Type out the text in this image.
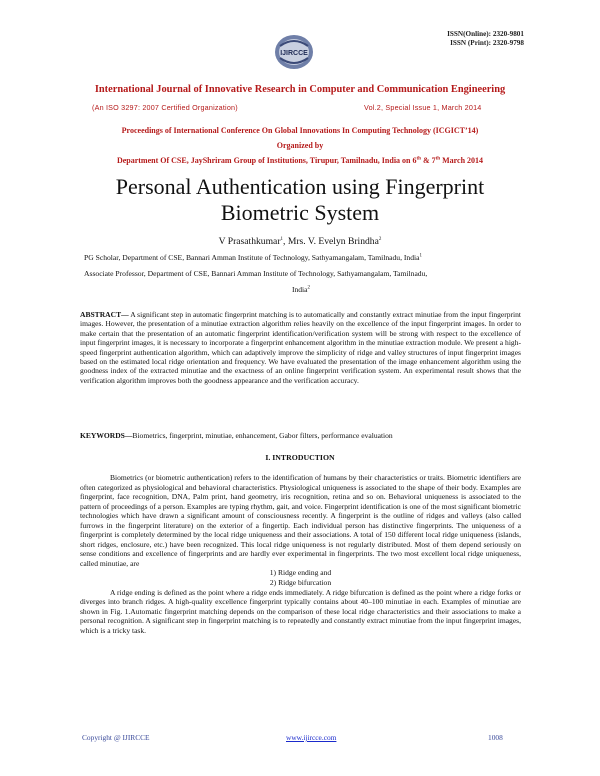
ISSN(Online): 2320-9801
ISSN (Print): 2320-9798
IJIRCCE
International Journal of Innovative Research in Computer and Communication Engineering
(An ISO 3297: 2007 Certified Organization)	Vol.2, Special Issue 1, March 2014
Proceedings of International Conference On Global Innovations In Computing Technology (ICGICT’14)
Organized by
Department Of CSE, JayShriram Group of Institutions, Tirupur, Tamilnadu, India on 6th & 7th March 2014
Personal Authentication using Fingerprint
Biometric System
V Prasathkumar$^1$, Mrs. V. Evelyn Brindha$^2$
PG Scholar, Department of CSE, Bannari Amman Institute of Technology, Sathyamangalam, Tamilnadu, India$^1$
Associate Professor, Department of CSE, Bannari Amman Institute of Technology, Sathyamangalam, Tamilnadu,
India$^2$
ABSTRACT— A significant step in automatic fingerprint matching is to automatically and constantly extract minutiae from the input fingerprint images. However, the presentation of a minutiae extraction algorithm relies heavily on the excellence of the input fingerprint images. In order to make certain that the presentation of an automatic fingerprint identification/verification system will be strong with respect to the excellence of input fingerprint images, it is necessary to incorporate a fingerprint enhancement algorithm in the minutiae extraction module. We present a high-speed fingerprint authentication algorithm, which can adaptively improve the simplicity of ridge and valley structures of input fingerprint images based on the estimated local ridge orientation and frequency. We have evaluated the presentation of the image enhancement algorithm using the goodness index of the extracted minutiae and the exactness of an online fingerprint verification system. An experimental result shows that the verification algorithm improves both the goodness appearance and the verification accuracy.
KEYWORDS—Biometrics, fingerprint, minutiae, enhancement, Gabor filters, performance evaluation
I. INTRODUCTION

Biometrics (or biometric authentication) refers to the identification of humans by their characteristics or traits. Biometric identifiers are often categorized as physiological and behavioral characteristics. Physiological uniqueness is associated to the shape of their body. Examples are fingerprint, face recognition, DNA, Palm print, hand geometry, iris recognition, retina and so on. Behavioral uniqueness is associated to the pattern of proceedings of a person. Examples are typing rhythm, gait, and voice. Fingerprint identification is one of the most significant biometric technologies which have drawn a significant amount of consciousness recently. A fingerprint is the outline of ridges and valleys (also called furrows in the fingerprint literature) on the exterior of a fingertip. Each individual person has distinctive fingerprints. The uniqueness of a fingerprint is completely determined by the local ridge uniqueness and their associations. A total of 150 different local ridge uniqueness (islands, short ridges, enclosure, etc.) have been recognized. This local ridge uniqueness is not regularly distributed. Most of them depend seriously on sense conditions and excellence of fingerprints and are hardly ever experimental in fingerprints. The two most excellent local ridge uniqueness, called minutiae, are

1) Ridge ending and

2) Ridge bifurcation

A ridge ending is defined as the point where a ridge ends immediately. A ridge bifurcation is defined as the point where a ridge forks or diverges into branch ridges. A high-quality excellence fingerprint typically contains about 40–100 minutiae in each. Examples of minutiae are shown in Fig. 1.Automatic fingerprint matching depends on the comparison of these local ridge characteristics and their associations to make a personal recognition. A significant step in fingerprint matching is to repeatedly and constantly extract minutiae from the input fingerprint images, which is a tricky task.

Copyright @ IJIRCCE	www.ijircce.com	1008
